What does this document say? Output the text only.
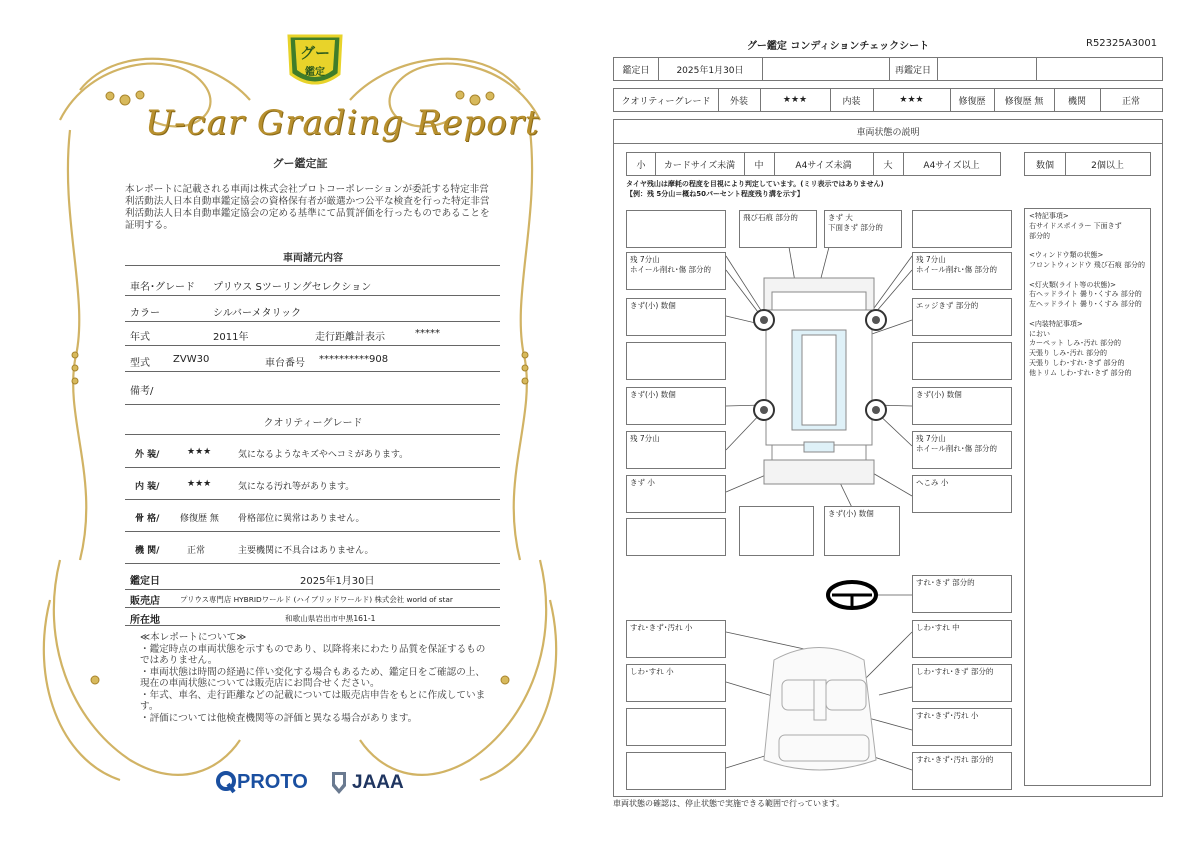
グー
鑑定
U-car Grading Report
グー鑑定証
本レポートに記載される車両は株式会社プロトコーポレーションが委託する特定非営利活動法人日本自動車鑑定協会の資格保有者が厳選かつ公平な検査を行った特定非営利活動法人日本自動車鑑定協会の定める基準にて品質評価を行ったものであることを証明する。
車両諸元内容
車名･グレード プリウス Sツーリングセレクション
カラー	シルバーメタリック
年式	2011年	走行距離計表示	*****
型式 ZVW30	車台番号 **********908
備考/
クオリティーグレード
外 装/	★★★	気になるようなキズやヘコミがあります。
内 装/	★★★	気になる汚れ等があります。
骨 格/ 修復歴 無 骨格部位に異常はありません。
機 関/	正常	主要機関に不具合はありません。
鑑定日	2025年1月30日
販売店	プリウス専門店 HYBRIDワールド (ハイブリッドワールド) 株式会社 world of star
所在地	和歌山県岩出市中黒161-1
≪本レポートについて≫
・鑑定時点の車両状態を示すものであり、以降将来にわたり品質を保証するものではありません。
・車両状態は時間の経過に伴い変化する場合もあるため、鑑定日をご確認の上、現在の車両状態については販売店にお問合せください。
・年式、車名、走行距離などの記載については販売店申告をもとに作成しています。
・評価については他検査機関等の評価と異なる場合があります。
PROTO JAAA
グー鑑定 コンディションチェックシート	R52325A3001
鑑定日	2025年1月30日	再鑑定日
クオリティーグレード	外装	★★★	内装	★★★	修復歴	修復歴 無	機関	正常
車両状態の説明
小	カードサイズ未満	中	A4サイズ未満	大	A4サイズ以上	数個	2個以上
タイヤ残山は摩耗の程度を目視により判定しています。(ミリ表示ではありません)
【例：残 5分山＝概ね50パーセント程度残り溝を示す】
飛び石痕 部分的	きず 大
下面きず 部分的
残 7分山
ホイール削れ･傷 部分的
きず(小) 数個
きず(小) 数個
残 7分山
きず 小
残 7分山
ホイール削れ･傷 部分的
エッジきず 部分的
きず(小) 数個
残 7分山
ホイール削れ･傷 部分的
へこみ 小
きず(小) 数個
すれ･きず 部分的
すれ･きず･汚れ 小
しわ･すれ 小
しわ･すれ 中
しわ･すれ･きず 部分的
すれ･きず･汚れ 小
すれ･きず･汚れ 部分的
<特記事項>
右サイドスポイラー 下面きず
部分的
<ウィンドウ類の状態>
フロントウィンドウ 飛び石痕 部分的
<灯火類(ライト等の状態)>
右ヘッドライト 曇り･くすみ 部分的
左ヘッドライト 曇り･くすみ 部分的
<内装特記事項>
におい
カーペット しみ･汚れ 部分的
天張り しみ･汚れ 部分的
天張り しわ･すれ･きず 部分的
他トリム しわ･すれ･きず 部分的
車両状態の確認は、停止状態で実施できる範囲で行っています。
